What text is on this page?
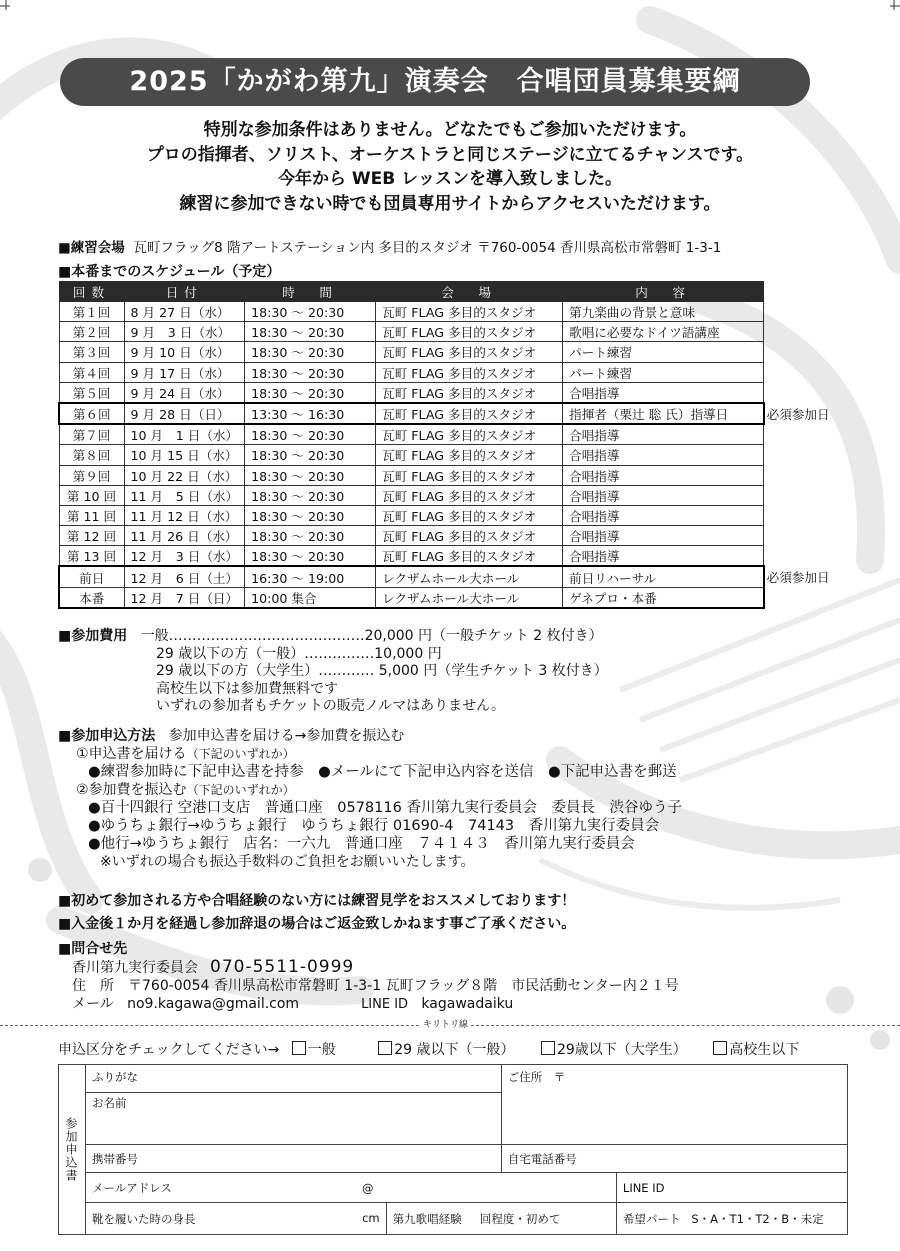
2025「かがわ第九」演奏会　合唱団員募集要綱
特別な参加条件はありません。どなたでもご参加いただけます。
プロの指揮者、ソリスト、オーケストラと同じステージに立てるチャンスです。
今年から WEB レッスンを導入致しました。
練習に参加できない時でも団員専用サイトからアクセスいただけます。
■練習会場 瓦町フラッグ8 階アートステーション内 多目的スタジオ 〒760-0054 香川県高松市常磐町 1-3-1
■本番までのスケジュール（予定）
回数	日付	時　間	会　場	内　容	
第１回	8 月 27 日（水）	18:30 ～ 20:30	瓦町 FLAG 多目的スタジオ	第九楽曲の背景と意味	
第２回	9 月　3 日（水）	18:30 ～ 20:30	瓦町 FLAG 多目的スタジオ	歌唱に必要なドイツ語講座	
第３回	9 月 10 日（水）	18:30 ～ 20:30	瓦町 FLAG 多目的スタジオ	パート練習	
第４回	9 月 17 日（水）	18:30 ～ 20:30	瓦町 FLAG 多目的スタジオ	パート練習	
第５回	9 月 24 日（水）	18:30 ～ 20:30	瓦町 FLAG 多目的スタジオ	合唱指導	
第６回	9 月 28 日（日）	13:30 ～ 16:30	瓦町 FLAG 多目的スタジオ	指揮者（栗辻 聡 氏）指導日	必須参加日
第７回	10 月　1 日（水）	18:30 ～ 20:30	瓦町 FLAG 多目的スタジオ	合唱指導	
第８回	10 月 15 日（水）	18:30 ～ 20:30	瓦町 FLAG 多目的スタジオ	合唱指導	
第９回	10 月 22 日（水）	18:30 ～ 20:30	瓦町 FLAG 多目的スタジオ	合唱指導	
第 10 回	11 月　5 日（水）	18:30 ～ 20:30	瓦町 FLAG 多目的スタジオ	合唱指導	
第 11 回	11 月 12 日（水）	18:30 ～ 20:30	瓦町 FLAG 多目的スタジオ	合唱指導	
第 12 回	11 月 26 日（水）	18:30 ～ 20:30	瓦町 FLAG 多目的スタジオ	合唱指導	
第 13 回	12 月　3 日（水）	18:30 ～ 20:30	瓦町 FLAG 多目的スタジオ	合唱指導	
前日	12 月　6 日（土）	16:30 ～ 19:00	レクザムホール大ホール	前日リハーサル	必須参加日
本番	12 月　7 日（日）	10:00 集合	レクザムホール大ホール	ゲネプロ・本番	
■参加費用 一般……………………………………20,000 円（一般チケット 2 枚付き）
29 歳以下の方（一般）……………10,000 円
29 歳以下の方（大学生）………… 5,000 円（学生チケット 3 枚付き）
高校生以下は参加費無料です
いずれの参加者もチケットの販売ノルマはありません。
■参加申込方法 参加申込書を届ける→参加費を振込む
①申込書を届ける（下記のいずれか）
●練習参加時に下記申込書を持参　●メールにて下記申込内容を送信　●下記申込書を郵送
②参加費を振込む（下記のいずれか）
●百十四銀行 空港口支店　普通口座　0578116 香川第九実行委員会　委員長　渋谷ゆう子
●ゆうちょ銀行→ゆうちょ銀行　ゆうちょ銀行 01690-4　74143　香川第九実行委員会
●他行→ゆうちょ銀行　店名：一六九　普通口座　７４１４３　香川第九実行委員会
※いずれの場合も振込手数料のご負担をお願いいたします。
■初めて参加される方や合唱経験のない方には練習見学をおススメしております！
■入金後１か月を経過し参加辞退の場合はご返金致しかねます事ご了承ください。
■問合せ先
香川第九実行委員会 070-5511-0999
住　所　〒760-0054 香川県高松市常磐町 1-3-1 瓦町フラッグ８階　市民活動センター内２１号
メール no9.kagawa@gmail.com	LINE ID kagawadaiku
キリトリ線
申込区分をチェックしてください→ 一般	29 歳以下（一般）	29歳以下（大学生）	高校生以下
参加申込書	ふりがな		ご住所　〒	
	お名前			
	携帯番号		自宅電話番号	
	メールアドレス @			LINE ID
	靴を履いた時の身長 cm	第九歌唱経験 回程度・初めて		希望パート S・A・T1・T2・B・未定
